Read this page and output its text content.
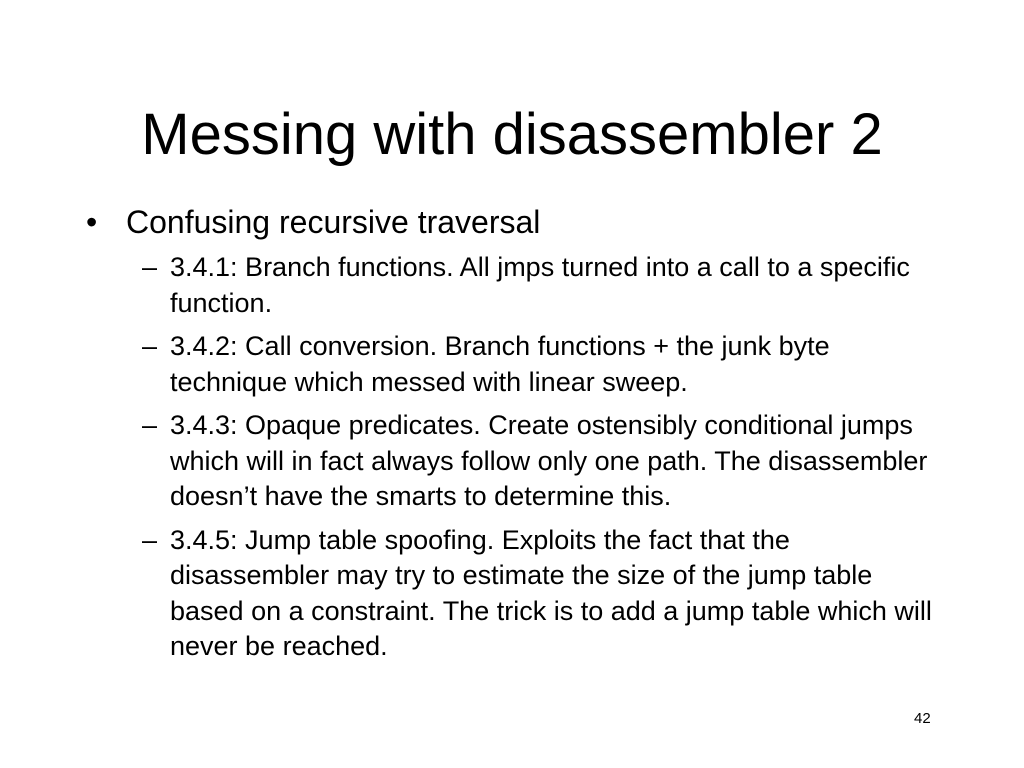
Messing with disassembler 2
• Confusing recursive traversal
– 3.4.1: Branch functions. All jmps turned into a call to a specific function.
– 3.4.2: Call conversion. Branch functions + the junk byte technique which messed with linear sweep.
– 3.4.3: Opaque predicates. Create ostensibly conditional jumps which will in fact always follow only one path. The disassembler doesn’t have the smarts to determine this.
– 3.4.5: Jump table spoofing. Exploits the fact that the disassembler may try to estimate the size of the jump table based on a constraint. The trick is to add a jump table which will never be reached.
42
